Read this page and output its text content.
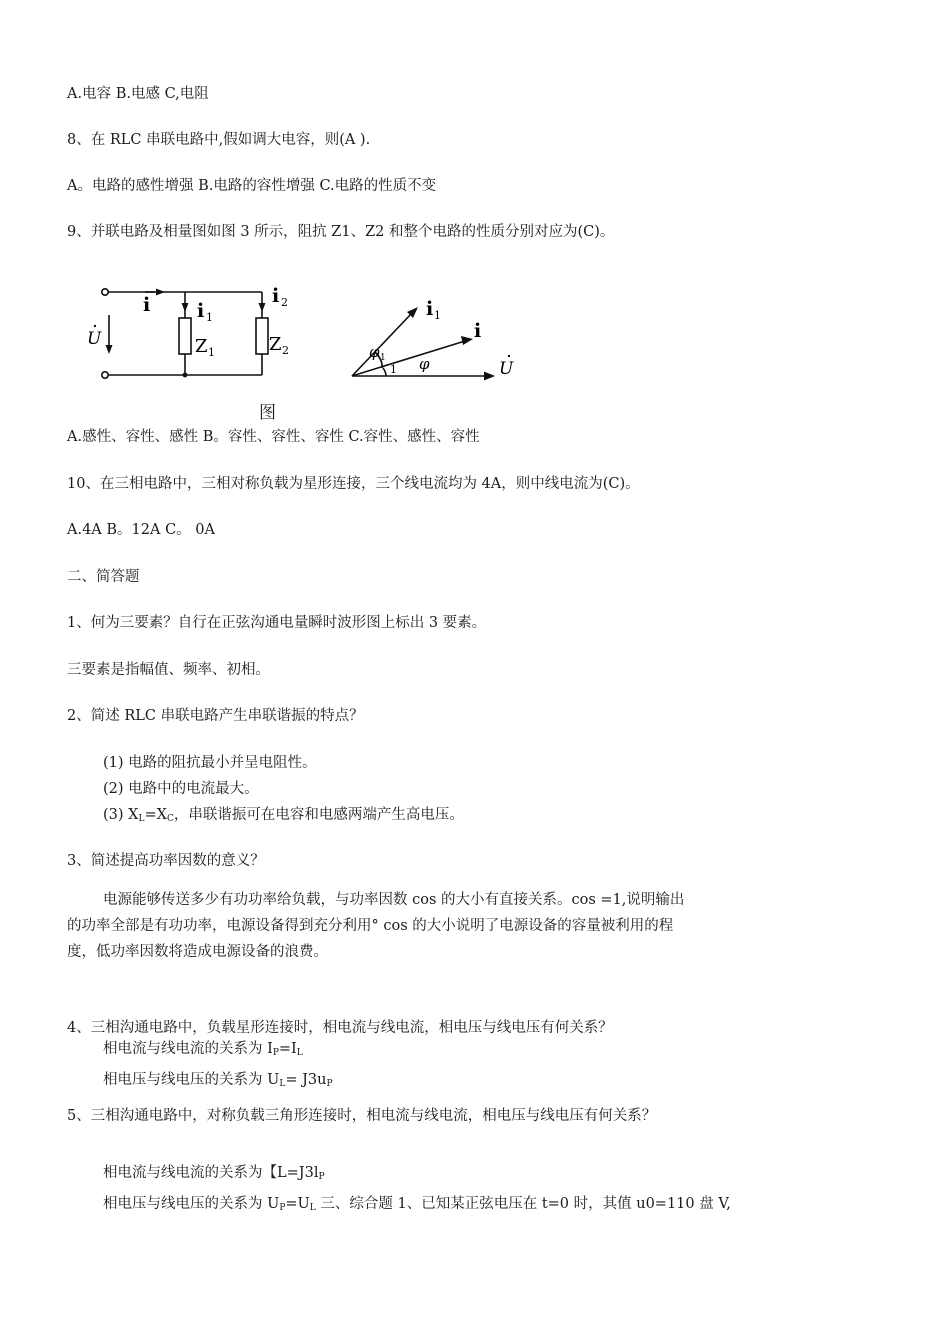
A.电容 B.电感 C,电阻
8、在 RLC 串联电路中,假如调大电容，则(A ).
A。电路的感性增强 B.电路的容性增强 C.电路的性质不变
9、并联电路及相量图如图 3 所示，阻抗 Z1、Z2 和整个电路的性质分别对应为(C)。
i i 1
i 2
U	Z 1	Z 2
i 1
i
U
φ 1 φ
1
图
A.感性、容性、感性 B。容性、容性、容性 C.容性、感性、容性
10、在三相电路中，三相对称负载为星形连接，三个线电流均为 4A，则中线电流为(C)。
A.4A B。12A C。 0A
二、简答题
1、何为三要素？自行在正弦沟通电量瞬时波形图上标出 3 要素。
三要素是指幅值、频率、初相。
2、简述 RLC 串联电路产生串联谐振的特点？
(1) 电路的阻抗最小并呈电阻性。
(2) 电路中的电流最大。
(3) $X_L=X_C$，串联谐振可在电容和电感两端产生高电压。
3、简述提高功率因数的意义？
电源能够传送多少有功功率给负载，与功率因数 cos 的大小有直接关系。cos =1,说明输出
的功率全部是有功功率，电源设备得到充分利用° cos 的大小说明了电源设备的容量被利用的程
度，低功率因数将造成电源设备的浪费。
4、三相沟通电路中，负载星形连接时，相电流与线电流，相电压与线电压有何关系？
相电流与线电流的关系为 $I_P=I_L$
相电压与线电压的关系为 $U_L= J3u_P$
5、三相沟通电路中，对称负载三角形连接时，相电流与线电流，相电压与线电压有何关系？
相电流与线电流的关系为【$L=J3l_P$
相电压与线电压的关系为 $U_P=U_L$ 三、综合题 1、已知某正弦电压在 t=0 时，其值 u0=110 盘 V,
